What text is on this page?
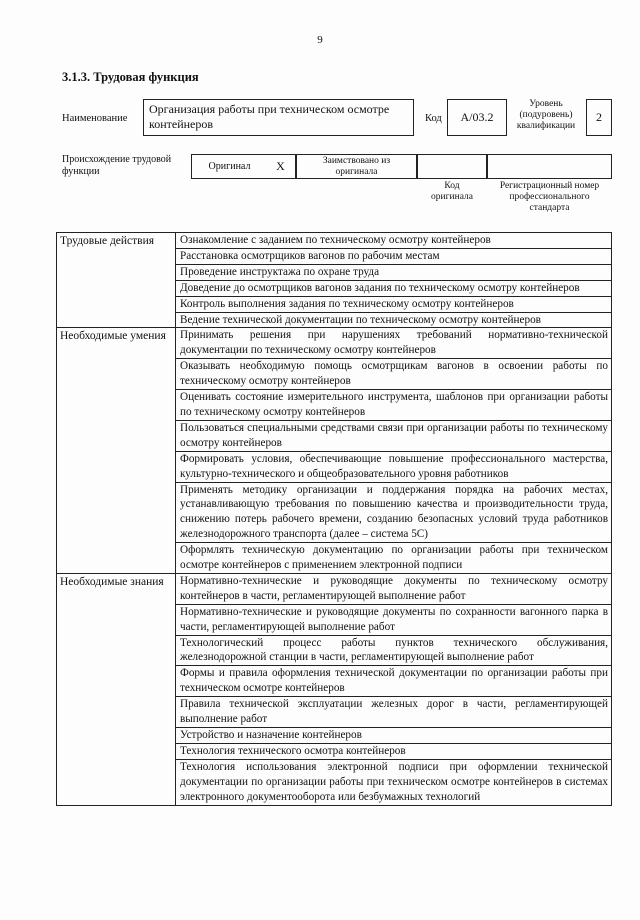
9
3.1.3. Трудовая функция
Наименование
Организация работы при техническом осмотре контейнеров	Код	A/03.2
Уровень
(подуровень)
квалификации
2
Происхождение трудовой функции	Оригинал	X	Заимствовано из оригинала
Код
оригинала
Регистрационный номер
профессионального
стандарта
Трудовые действия	Ознакомление с заданием по техническому осмотру контейнеров
	Расстановка осмотрщиков вагонов по рабочим местам
	Проведение инструктажа по охране труда
	Доведение до осмотрщиков вагонов задания по техническому осмотру контейнеров
	Контроль выполнения задания по техническому осмотру контейнеров
	Ведение технической документации по техническому осмотру контейнеров
Необходимые умения	Принимать решения при нарушениях требований нормативно-технической документации по техническому осмотру контейнеров
	Оказывать необходимую помощь осмотрщикам вагонов в освоении работы по техническому осмотру контейнеров
	Оценивать состояние измерительного инструмента, шаблонов при организации работы по техническому осмотру контейнеров
	Пользоваться специальными средствами связи при организации работы по техническому осмотру контейнеров
	Формировать условия, обеспечивающие повышение профессионального мастерства, культурно-технического и общеобразовательного уровня работников
	Применять методику организации и поддержания порядка на рабочих местах, устанавливающую требования по повышению качества и производительности труда, снижению потерь рабочего времени, созданию безопасных условий труда работников железнодорожного транспорта (далее – система 5С)
	Оформлять техническую документацию по организации работы при техническом осмотре контейнеров с применением электронной подписи
Необходимые знания	Нормативно-технические и руководящие документы по техническому осмотру контейнеров в части, регламентирующей выполнение работ
	Нормативно-технические и руководящие документы по сохранности вагонного парка в части, регламентирующей выполнение работ
	Технологический процесс работы пунктов технического обслуживания, железнодорожной станции в части, регламентирующей выполнение работ
	Формы и правила оформления технической документации по организации работы при техническом осмотре контейнеров
	Правила технической эксплуатации железных дорог в части, регламентирующей выполнение работ
	Устройство и назначение контейнеров
	Технология технического осмотра контейнеров
	Технология использования электронной подписи при оформлении технической документации по организации работы при техническом осмотре контейнеров в системах электронного документооборота или безбумажных технологий
